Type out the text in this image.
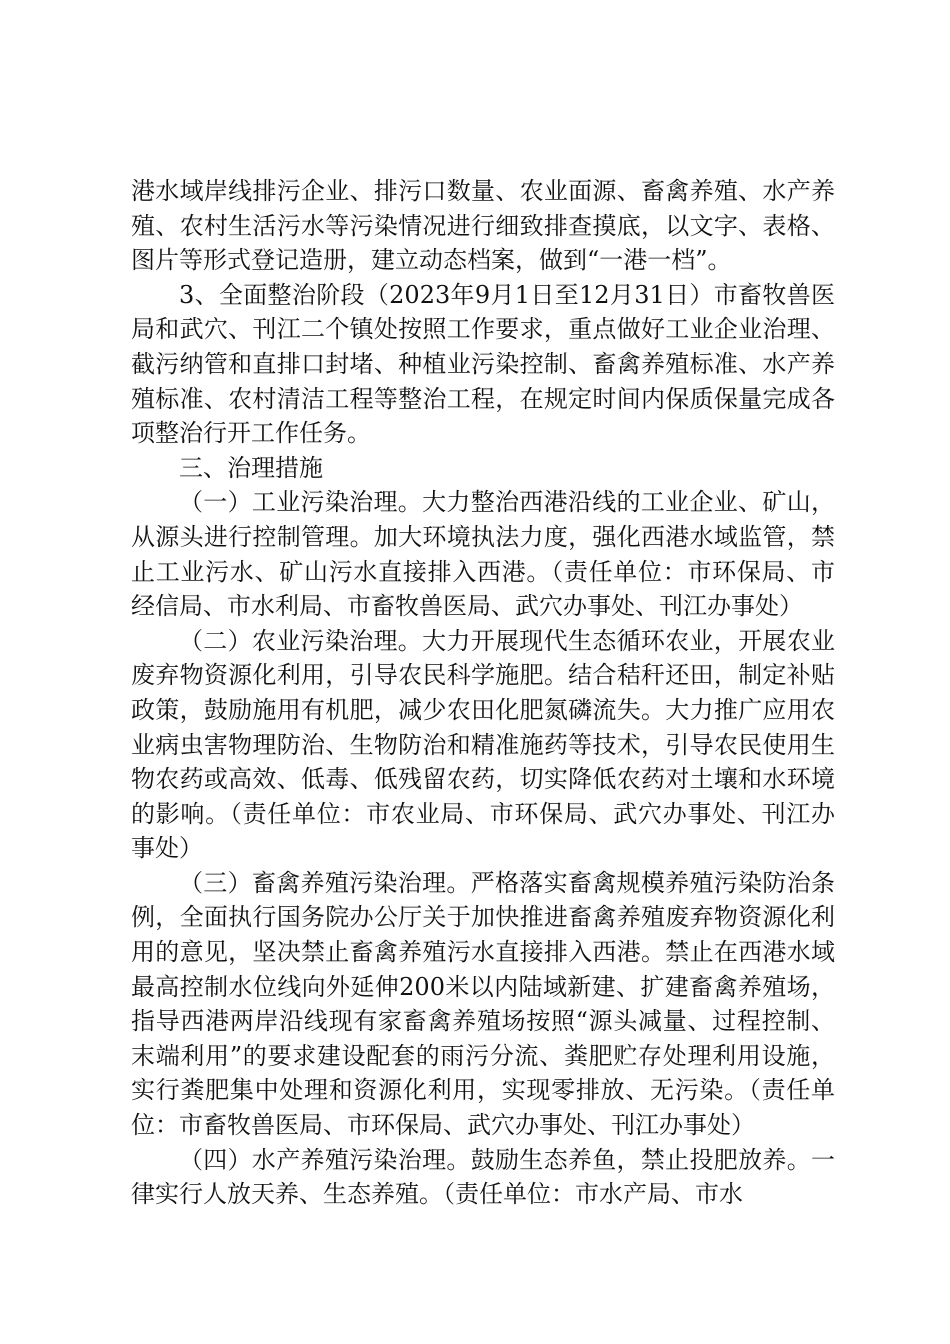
港水域岸线排污企业、排污口数量、农业面源、畜禽养殖、水产养殖、农村生活污水等污染情况进行细致排查摸底，以文字、表格、图片等形式登记造册，建立动态档案，做到“一港一档”。

3、全面整治阶段（2023年9月1日至12月31日）市畜牧兽医局和武穴、刊江二个镇处按照工作要求，重点做好工业企业治理、截污纳管和直排口封堵、种植业污染控制、畜禽养殖标准、水产养殖标准、农村清洁工程等整治工程，在规定时间内保质保量完成各项整治行开工作任务。

三、治理措施

（一）工业污染治理。大力整治西港沿线的工业企业、矿山，从源头进行控制管理。加大环境执法力度，强化西港水域监管，禁止工业污水、矿山污水直接排入西港。（责任单位：市环保局、市经信局、市水利局、市畜牧兽医局、武穴办事处、刊江办事处）

（二）农业污染治理。大力开展现代生态循环农业，开展农业废弃物资源化利用，引导农民科学施肥。结合秸秆还田，制定补贴政策，鼓励施用有机肥，减少农田化肥氮磷流失。大力推广应用农业病虫害物理防治、生物防治和精准施药等技术，引导农民使用生物农药或高效、低毒、低残留农药，切实降低农药对土壤和水环境的影响。（责任单位：市农业局、市环保局、武穴办事处、刊江办事处）

（三）畜禽养殖污染治理。严格落实畜禽规模养殖污染防治条例，全面执行国务院办公厅关于加快推进畜禽养殖废弃物资源化利用的意见，坚决禁止畜禽养殖污水直接排入西港。禁止在西港水域最高控制水位线向外延伸200米以内陆域新建、扩建畜禽养殖场，指导西港两岸沿线现有家畜禽养殖场按照“源头减量、过程控制、末端利用”的要求建设配套的雨污分流、粪肥贮存处理利用设施，实行粪肥集中处理和资源化利用，实现零排放、无污染。（责任单位：市畜牧兽医局、市环保局、武穴办事处、刊江办事处）

（四）水产养殖污染治理。鼓励生态养鱼，禁止投肥放养。一律实行人放天养、生态养殖。（责任单位：市水产局、市水
